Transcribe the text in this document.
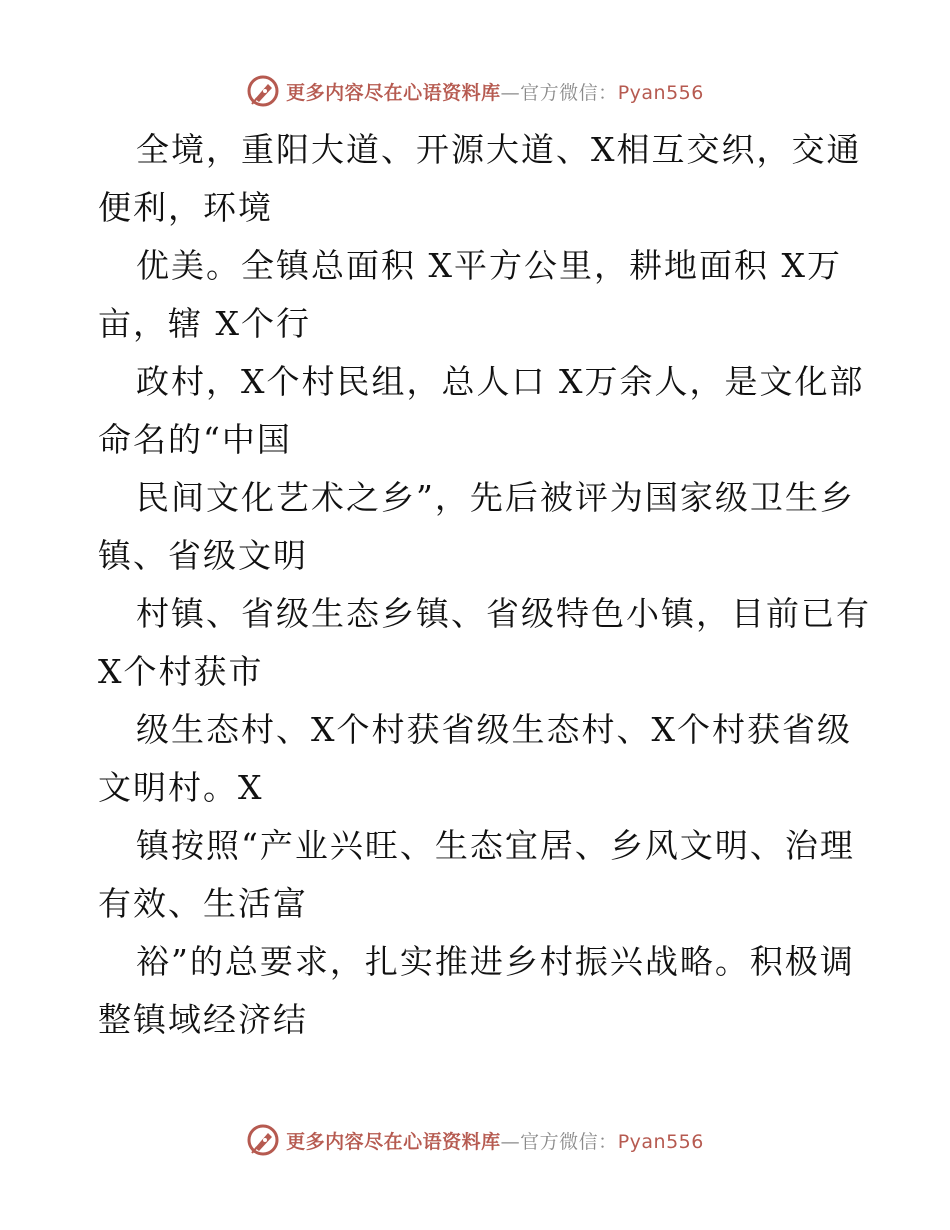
更多内容尽在心语资料库—官方微信：Pyan556

全境，重阳大道、开源大道、X相互交织，交通
便利，环境

优美。全镇总面积 X平方公里，耕地面积 X万
亩，辖 X个行

政村，X个村民组，总人口 X万余人，是文化部
命名的“中国

民间文化艺术之乡”，先后被评为国家级卫生乡
镇、省级文明

村镇、省级生态乡镇、省级特色小镇，目前已有
X个村获市

级生态村、X个村获省级生态村、X个村获省级
文明村。X

镇按照“产业兴旺、生态宜居、乡风文明、治理
有效、生活富

裕”的总要求，扎实推进乡村振兴战略。积极调
整镇域经济结

更多内容尽在心语资料库—官方微信：Pyan556
